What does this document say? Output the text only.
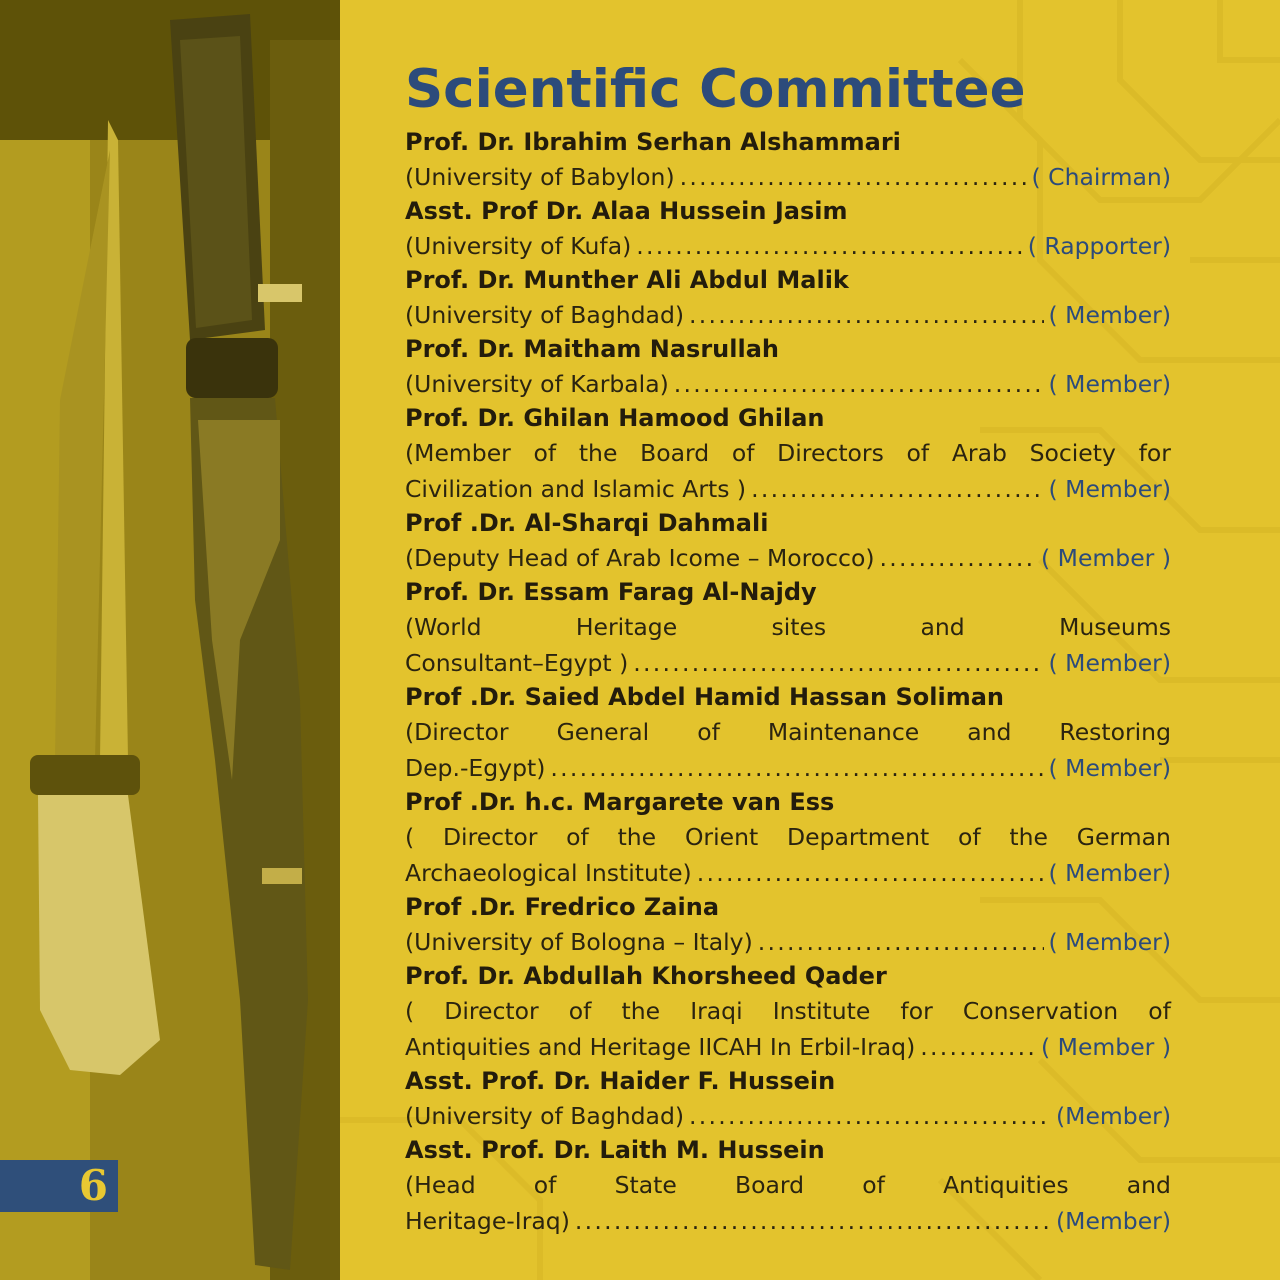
6
Scientific Committee
Prof. Dr. Ibrahim Serhan Alshammari
(University of Babylon) . . .	( Chairman)
Asst. Prof Dr. Alaa Hussein Jasim
(University of Kufa) . . .	( Rapporter)
Prof. Dr. Munther Ali Abdul Malik
(University of Baghdad) . . .	( Member)
Prof. Dr. Maitham Nasrullah
(University of Karbala) . . .	( Member)
Prof. Dr. Ghilan Hamood Ghilan
(Member of the Board of Directors of Arab Society for
Civilization and Islamic Arts ) . . .	( Member)
Prof .Dr. Al-Sharqi Dahmali
(Deputy Head of Arab Icome – Morocco) . . .	( Member )
Prof. Dr. Essam Farag Al-Najdy
(World	Heritage	sites	and	Museums
Consultant–Egypt ) . . .	( Member)
Prof .Dr. Saied Abdel Hamid Hassan Soliman
(Director General of Maintenance and Restoring
Dep.-Egypt) . . .	( Member)
Prof .Dr. h.c. Margarete van Ess
( Director of the Orient Department of the German
Archaeological Institute) . . .	( Member)
Prof .Dr. Fredrico Zaina
(University of Bologna – Italy) . . .	( Member)
Prof. Dr. Abdullah Khorsheed Qader
( Director of the Iraqi Institute for Conservation of
Antiquities and Heritage IICAH In Erbil-Iraq) . . .	( Member )
Asst. Prof. Dr. Haider F. Hussein
(University of Baghdad) . . .	(Member)
Asst. Prof. Dr. Laith M. Hussein
(Head of State Board of Antiquities and
Heritage-Iraq) . . .	(Member)
